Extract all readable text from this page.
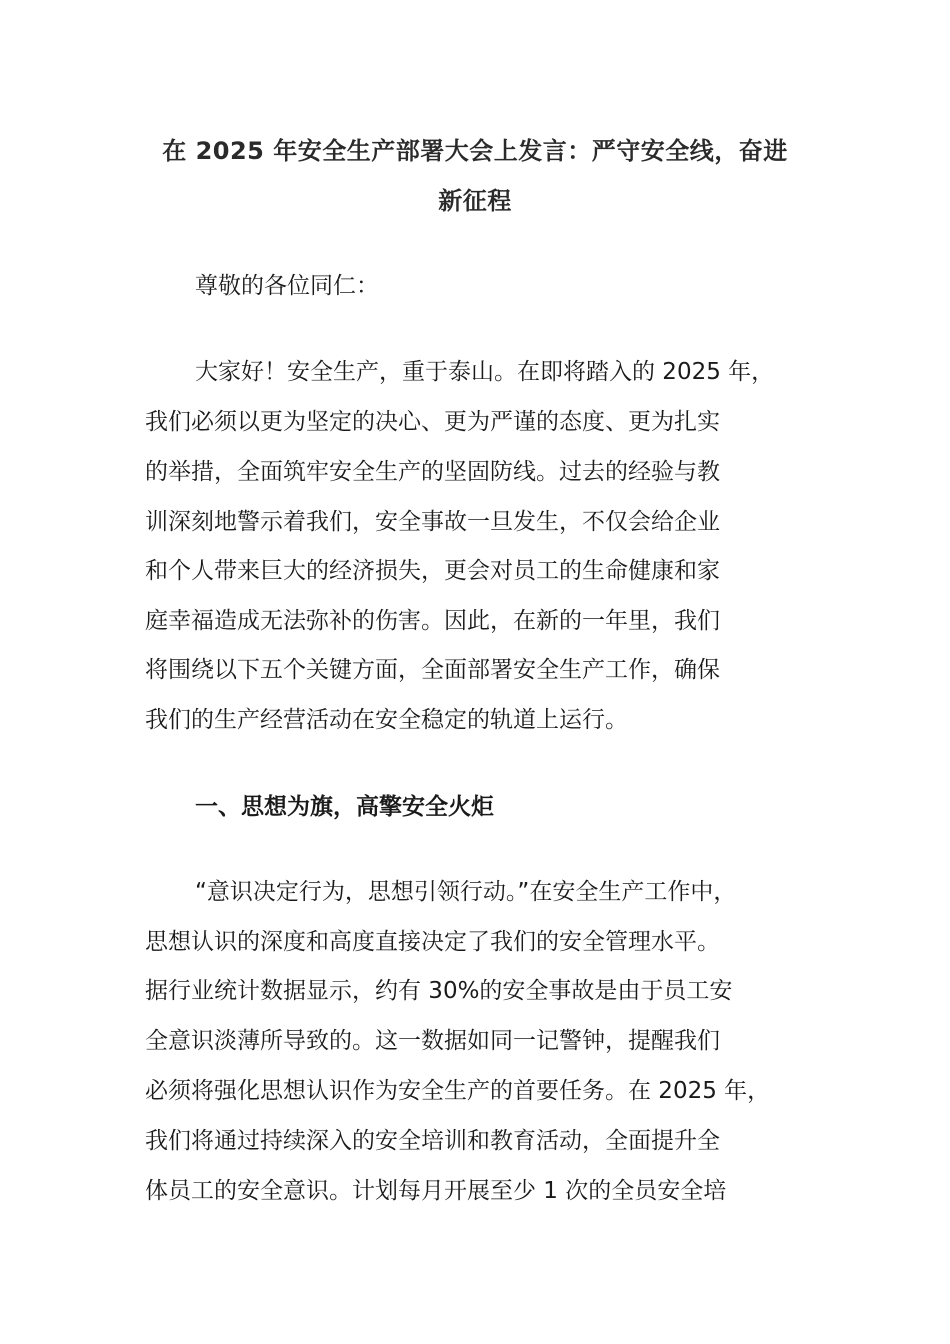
在 2025 年安全生产部署大会上发言：严守安全线，奋进
新征程
尊敬的各位同仁：
大家好！安全生产，重于泰山。在即将踏入的 2025 年，
我们必须以更为坚定的决心、更为严谨的态度、更为扎实
的举措，全面筑牢安全生产的坚固防线。过去的经验与教
训深刻地警示着我们，安全事故一旦发生，不仅会给企业
和个人带来巨大的经济损失，更会对员工的生命健康和家
庭幸福造成无法弥补的伤害。因此，在新的一年里，我们
将围绕以下五个关键方面，全面部署安全生产工作，确保
我们的生产经营活动在安全稳定的轨道上运行。
一、思想为旗，高擎安全火炬
“意识决定行为，思想引领行动。”在安全生产工作中，
思想认识的深度和高度直接决定了我们的安全管理水平。
据行业统计数据显示，约有 30%的安全事故是由于员工安
全意识淡薄所导致的。这一数据如同一记警钟，提醒我们
必须将强化思想认识作为安全生产的首要任务。在 2025 年，
我们将通过持续深入的安全培训和教育活动，全面提升全
体员工的安全意识。计划每月开展至少 1 次的全员安全培
